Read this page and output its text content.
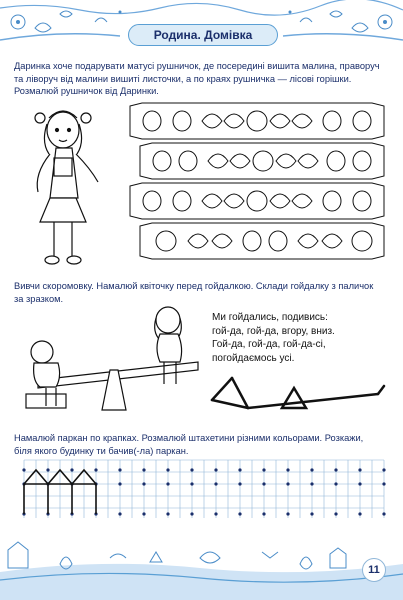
Родина. Домівка
Даринка хоче подарувати матусі рушничок, де посередині вишита малина, праворуч
та ліворуч від малини вишиті листочки, а по краях рушничка — лісові горішки.
Розмалюй рушничок від Даринки.
Вивчи скоромовку. Намалюй квіточку перед гойдалкою. Склади гойдалку з паличок
за зразком.
Ми гойдались, подивись:
гой-да, гой-да, вгору, вниз.
Гой-да, гой-да, гой-да-сі,
погойдаємось усі.
Намалюй паркан по крапках. Розмалюй штахетини різними кольорами. Розкажи,
біля якого будинку ти бачив(-ла) паркан.
11
